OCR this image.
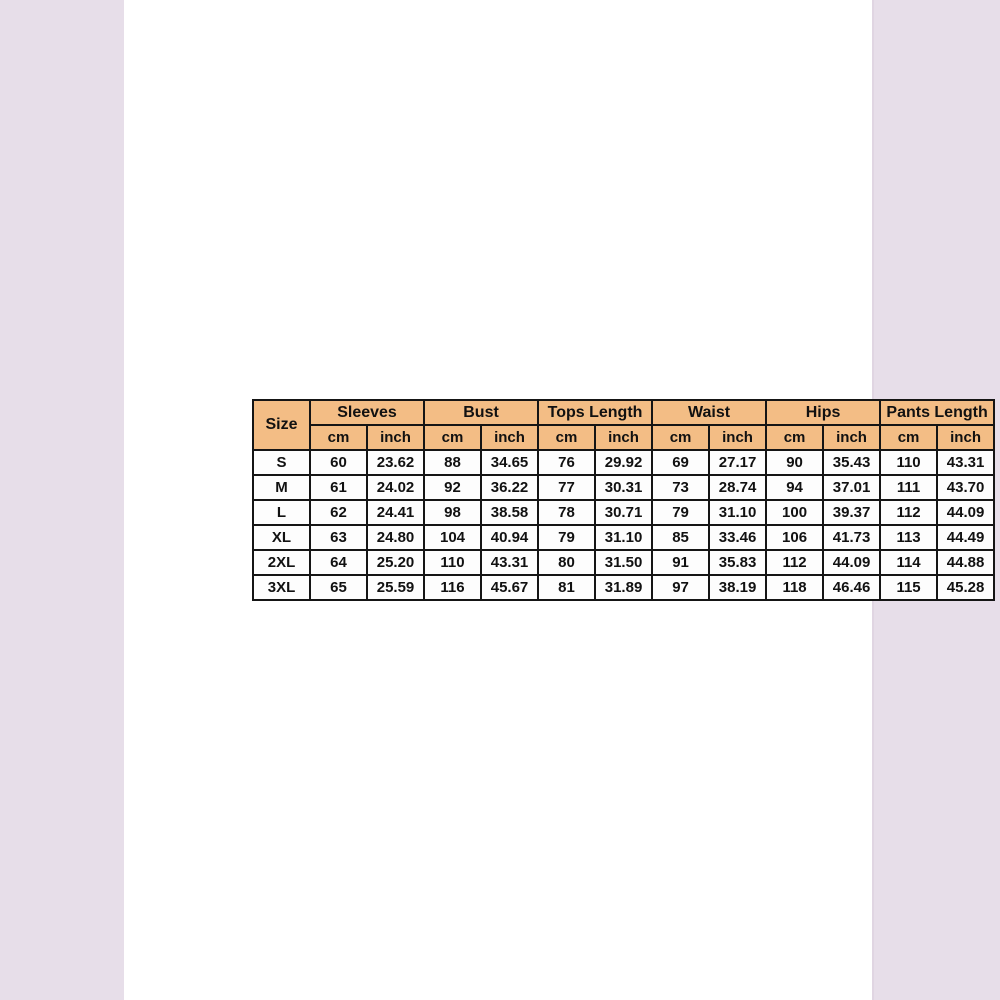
Size	Sleeves		Bust		Tops Length		Waist		Hips		Pants Length	
	cm	inch	cm	inch	cm	inch	cm	inch	cm	inch	cm	inch
S	60	23.62	88	34.65	76	29.92	69	27.17	90	35.43	110	43.31
M	61	24.02	92	36.22	77	30.31	73	28.74	94	37.01	111	43.70
L	62	24.41	98	38.58	78	30.71	79	31.10	100	39.37	112	44.09
XL	63	24.80	104	40.94	79	31.10	85	33.46	106	41.73	113	44.49
2XL	64	25.20	110	43.31	80	31.50	91	35.83	112	44.09	114	44.88
3XL	65	25.59	116	45.67	81	31.89	97	38.19	118	46.46	115	45.28
